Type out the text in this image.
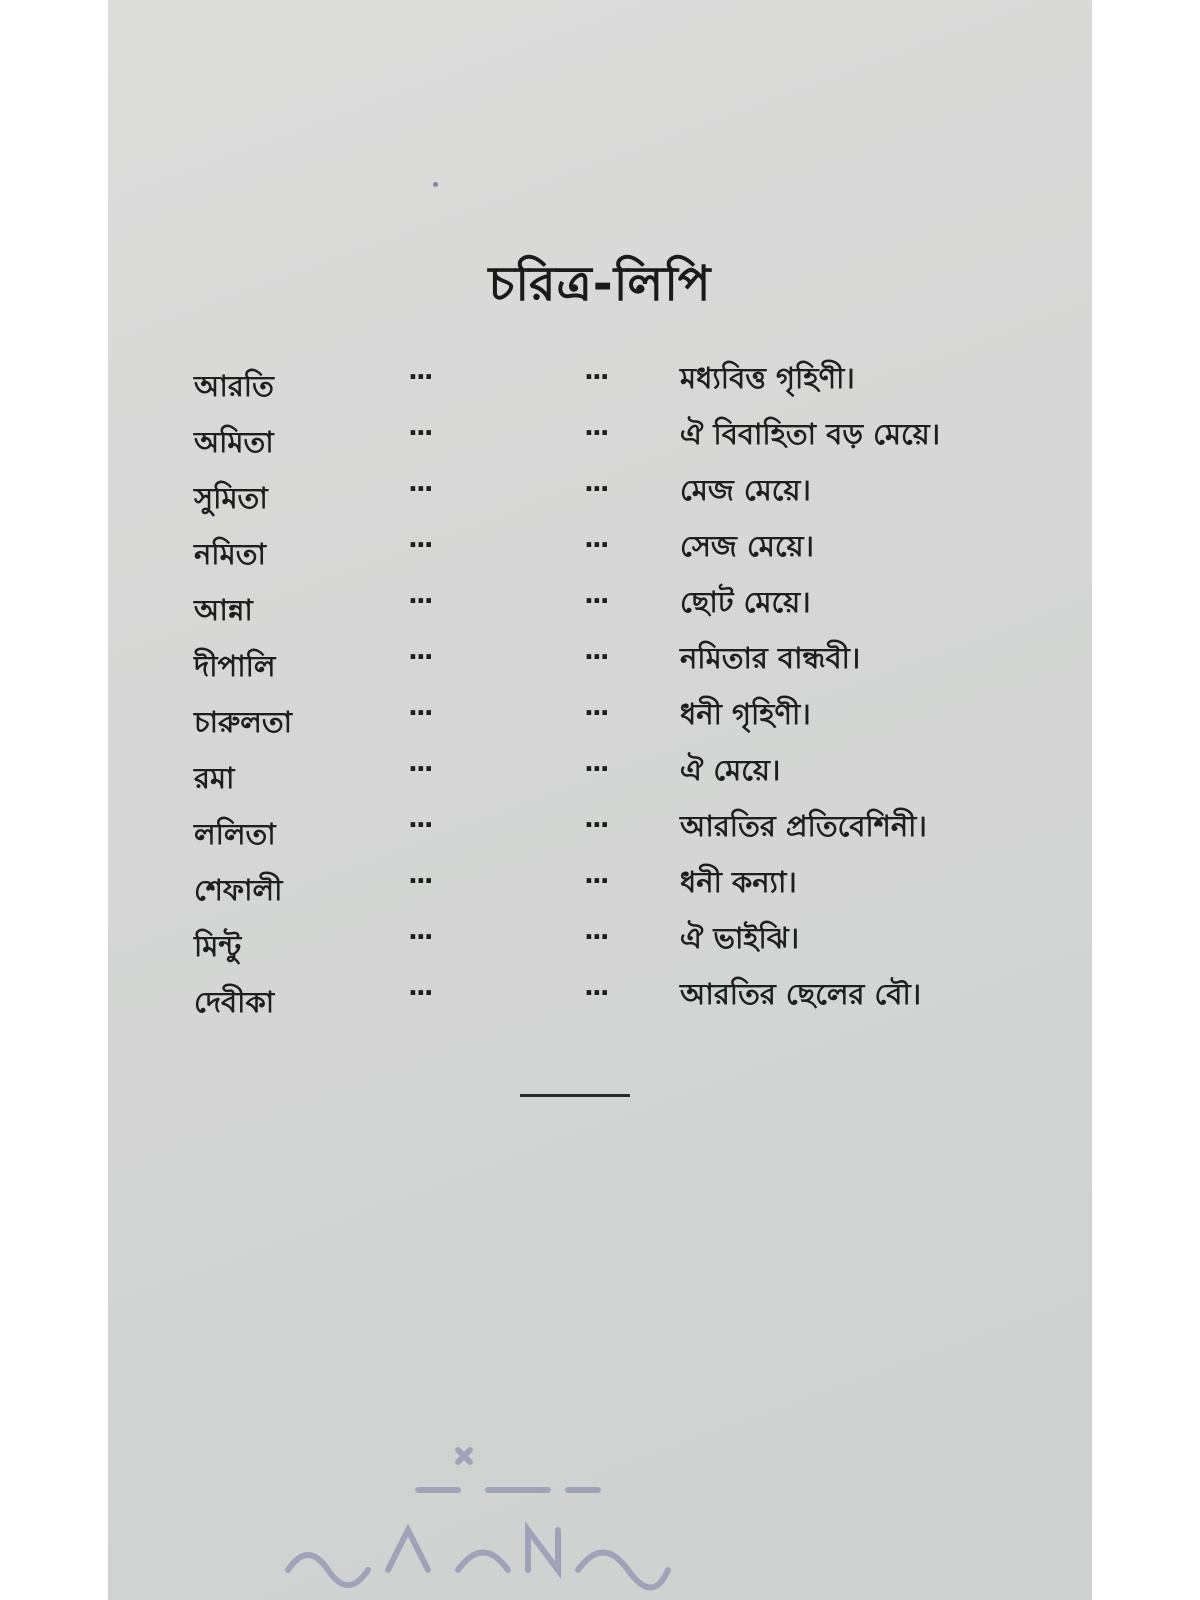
চরিত্র-লিপি
আরতি	...	... মধ্যবিত্ত গৃহিণী।
অমিতা	...	... ঐ বিবাহিতা বড় মেয়ে।
সুমিতা	...	... মেজ মেয়ে।
নমিতা	...	... সেজ মেয়ে।
আন্না	...	... ছোট মেয়ে।
দীপালি	...	... নমিতার বান্ধবী।
চারুলতা	...	... ধনী গৃহিণী।
রমা	...	... ঐ মেয়ে।
ললিতা	...	... আরতির প্রতিবেশিনী।
শেফালী	...	... ধনী কন্যা।
মিন্টু	...	... ঐ ভাইঝি।
দেবীকা	...	... আরতির ছেলের বৌ।
